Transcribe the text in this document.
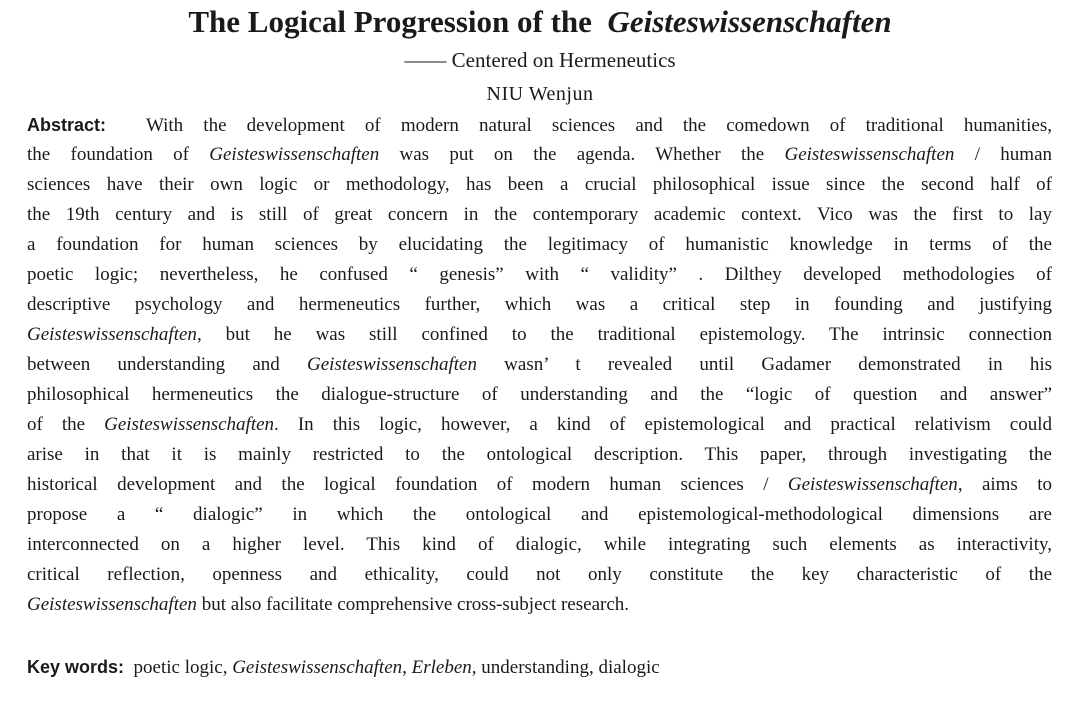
The Logical Progression of the Geisteswissenschaften
—— Centered on Hermeneutics
NIU Wenjun
Abstract: With the development of modern natural sciences and the comedown of traditional humanities,
the foundation of Geisteswissenschaften was put on the agenda. Whether the Geisteswissenschaften / human
sciences have their own logic or methodology, has been a crucial philosophical issue since the second half of
the 19th century and is still of great concern in the contemporary academic context. Vico was the first to lay
a foundation for human sciences by elucidating the legitimacy of humanistic knowledge in terms of the
poetic logic; nevertheless, he confused “ genesis” with “ validity” . Dilthey developed methodologies of
descriptive psychology and hermeneutics further, which was a critical step in founding and justifying
Geisteswissenschaften, but he was still confined to the traditional epistemology. The intrinsic connection
between understanding and Geisteswissenschaften wasn’ t revealed until Gadamer demonstrated in his
philosophical hermeneutics the dialogue-structure of understanding and the “logic of question and answer”
of the Geisteswissenschaften. In this logic, however, a kind of epistemological and practical relativism could
arise in that it is mainly restricted to the ontological description. This paper, through investigating the
historical development and the logical foundation of modern human sciences / Geisteswissenschaften, aims to
propose a “ dialogic” in which the ontological and epistemological-methodological dimensions are
interconnected on a higher level. This kind of dialogic, while integrating such elements as interactivity,
critical reflection, openness and ethicality, could not only constitute the key characteristic of the
Geisteswissenschaften but also facilitate comprehensive cross-subject research.
Key words: poetic logic, Geisteswissenschaften, Erleben, understanding, dialogic
